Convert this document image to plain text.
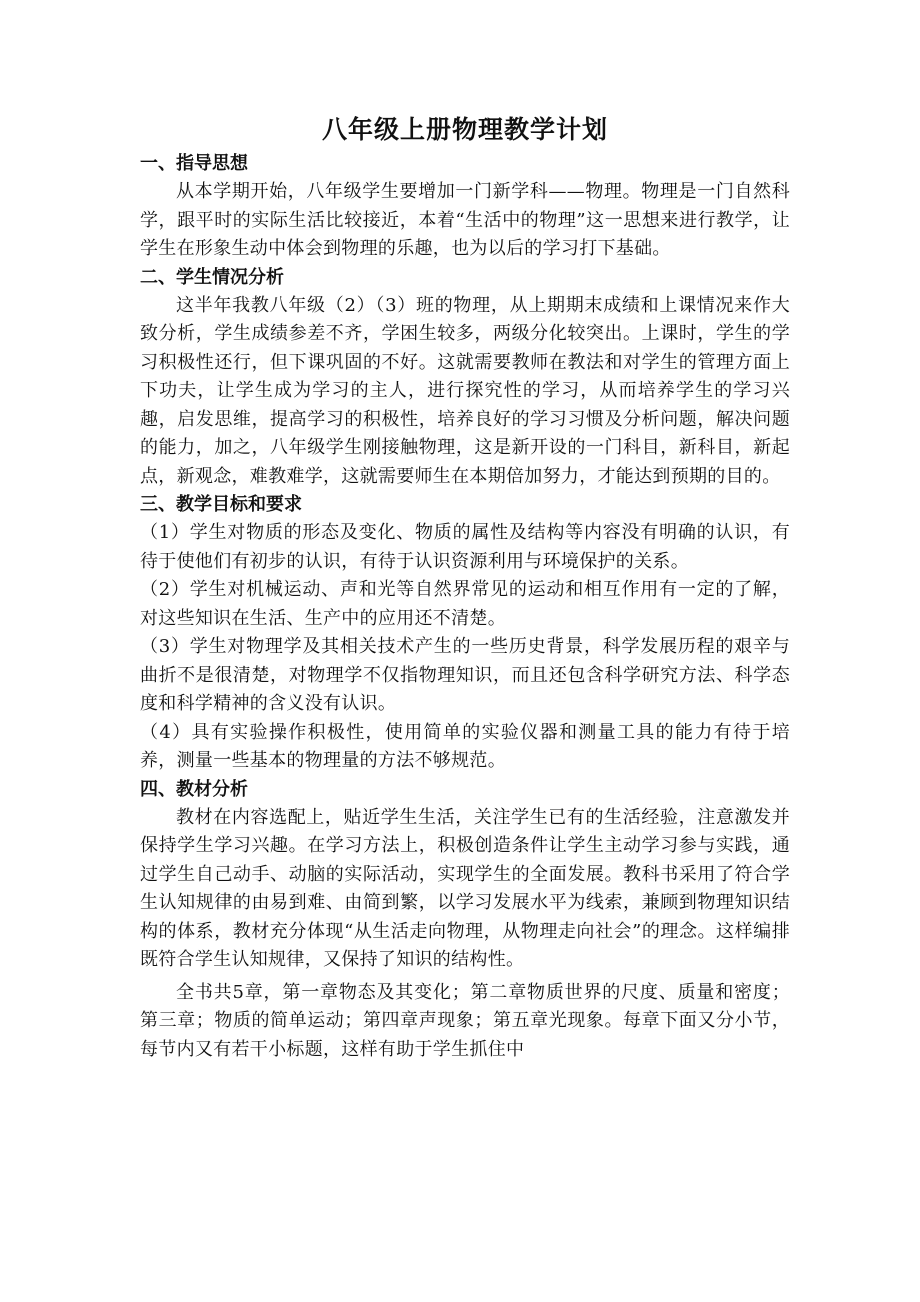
八年级上册物理教学计划
一、指导思想

从本学期开始，八年级学生要增加一门新学科——物理。物理是一门自然科学，跟平时的实际生活比较接近，本着“生活中的物理”这一思想来进行教学，让学生在形象生动中体会到物理的乐趣，也为以后的学习打下基础。

二、学生情况分析

这半年我教八年级（2）（3）班的物理，从上期期末成绩和上课情况来作大致分析，学生成绩参差不齐，学困生较多，两级分化较突出。上课时，学生的学习积极性还行，但下课巩固的不好。这就需要教师在教法和对学生的管理方面上下功夫，让学生成为学习的主人，进行探究性的学习，从而培养学生的学习兴趣，启发思维，提高学习的积极性，培养良好的学习习惯及分析问题，解决问题的能力，加之，八年级学生刚接触物理，这是新开设的一门科目，新科目，新起点，新观念，难教难学，这就需要师生在本期倍加努力，才能达到预期的目的。

三、教学目标和要求

（1）学生对物质的形态及变化、物质的属性及结构等内容没有明确的认识，有待于使他们有初步的认识，有待于认识资源利用与环境保护的关系。

（2）学生对机械运动、声和光等自然界常见的运动和相互作用有一定的了解，对这些知识在生活、生产中的应用还不清楚。

（3）学生对物理学及其相关技术产生的一些历史背景，科学发展历程的艰辛与曲折不是很清楚，对物理学不仅指物理知识，而且还包含科学研究方法、科学态度和科学精神的含义没有认识。

（4）具有实验操作积极性，使用简单的实验仪器和测量工具的能力有待于培养，测量一些基本的物理量的方法不够规范。

四、教材分析

教材在内容选配上，贴近学生生活，关注学生已有的生活经验，注意激发并保持学生学习兴趣。在学习方法上，积极创造条件让学生主动学习参与实践，通过学生自己动手、动脑的实际活动，实现学生的全面发展。教科书采用了符合学生认知规律的由易到难、由简到繁，以学习发展水平为线索，兼顾到物理知识结构的体系，教材充分体现“从生活走向物理，从物理走向社会”的理念。这样编排既符合学生认知规律，又保持了知识的结构性。

全书共5章，第一章物态及其变化；第二章物质世界的尺度、质量和密度；第三章；物质的简单运动；第四章声现象；第五章光现象。每章下面又分小节，每节内又有若干小标题，这样有助于学生抓住中
